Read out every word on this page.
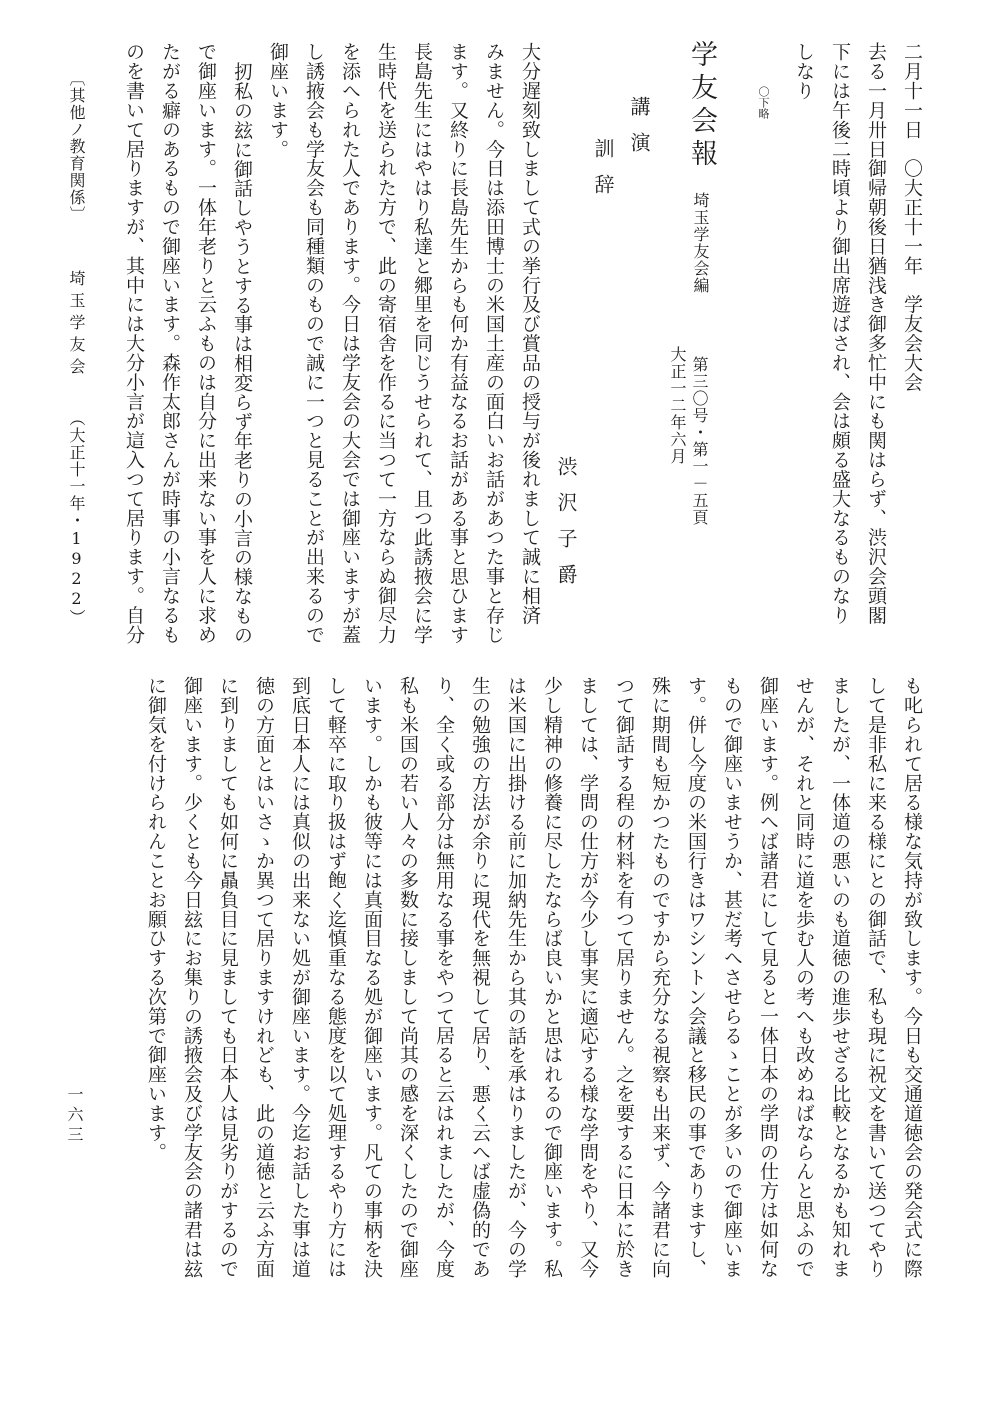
二月十一日　〇大正十一年　学友会大会
去る一月卅日御帰朝後日猶浅き御多忙中にも関はらず、渋沢会頭閣
下には午後二時頃より御出席遊ばされ、会は頗る盛大なるものなり
しなり
〇下略
学友会報
埼玉学友会編
第三〇号・第一－五頁
大正一二年六月
講演
訓辞
渋沢子爵
大分遅刻致しまして式の挙行及び賞品の授与が後れまして誠に相済
みません。今日は添田博士の米国土産の面白いお話があつた事と存じ
ます。又終りに長島先生からも何か有益なるお話がある事と思ひます
長島先生にはやはり私達と郷里を同じうせられて、且つ此誘掖会に学
生時代を送られた方で、此の寄宿舎を作るに当つて一方ならぬ御尽力
を添へられた人であります。今日は学友会の大会では御座いますが蓋
し誘掖会も学友会も同種類のもので誠に一つと見ることが出来るので
御座います。
扨私の玆に御話しやうとする事は相変らず年老りの小言の様なもの
で御座います。一体年老りと云ふものは自分に出来ない事を人に求め
たがる癖のあるもので御座います。森作太郎さんが時事の小言なるも
のを書いて居りますが、其中には大分小言が這入つて居ります。自分
も叱られて居る様な気持が致します。今日も交通道徳会の発会式に際
して是非私に来る様にとの御話で、私も現に祝文を書いて送つてやり
ましたが、一体道の悪いのも道徳の進歩せざる比較となるかも知れま
せんが、それと同時に道を歩む人の考へも改めねばならんと思ふので
御座います。例へば諸君にして見ると一体日本の学問の仕方は如何な
もので御座いませうか、甚だ考へさせらるゝことが多いので御座いま
す。併し今度の米国行きはワシントン会議と移民の事でありますし、
殊に期間も短かつたものですから充分なる視察も出来ず、今諸君に向
つて御話する程の材料を有つて居りません。之を要するに日本に於き
ましては、学問の仕方が今少し事実に適応する様な学問をやり、又今
少し精神の修養に尽したならば良いかと思はれるので御座います。私
は米国に出掛ける前に加納先生から其の話を承はりましたが、今の学
生の勉強の方法が余りに現代を無視して居り、悪く云へば虚偽的であ
り、全く或る部分は無用なる事をやつて居ると云はれましたが、今度
私も米国の若い人々の多数に接しまして尚其の感を深くしたので御座
います。しかも彼等には真面目なる処が御座います。凡ての事柄を決
して軽卒に取り扱はず飽く迄慎重なる態度を以て処理するやり方には
到底日本人には真似の出来ない処が御座います。今迄お話した事は道
徳の方面とはいさゝか異つて居りますけれども、此の道徳と云ふ方面
に到りましても如何に贔負目に見ましても日本人は見劣りがするので
御座います。少くとも今日玆にお集りの誘掖会及び学友会の諸君は玆
に御気を付けられんことお願ひする次第で御座います。
〔其他ノ教育関係〕
埼玉学友会
（大正十一年・1922）
一六三
